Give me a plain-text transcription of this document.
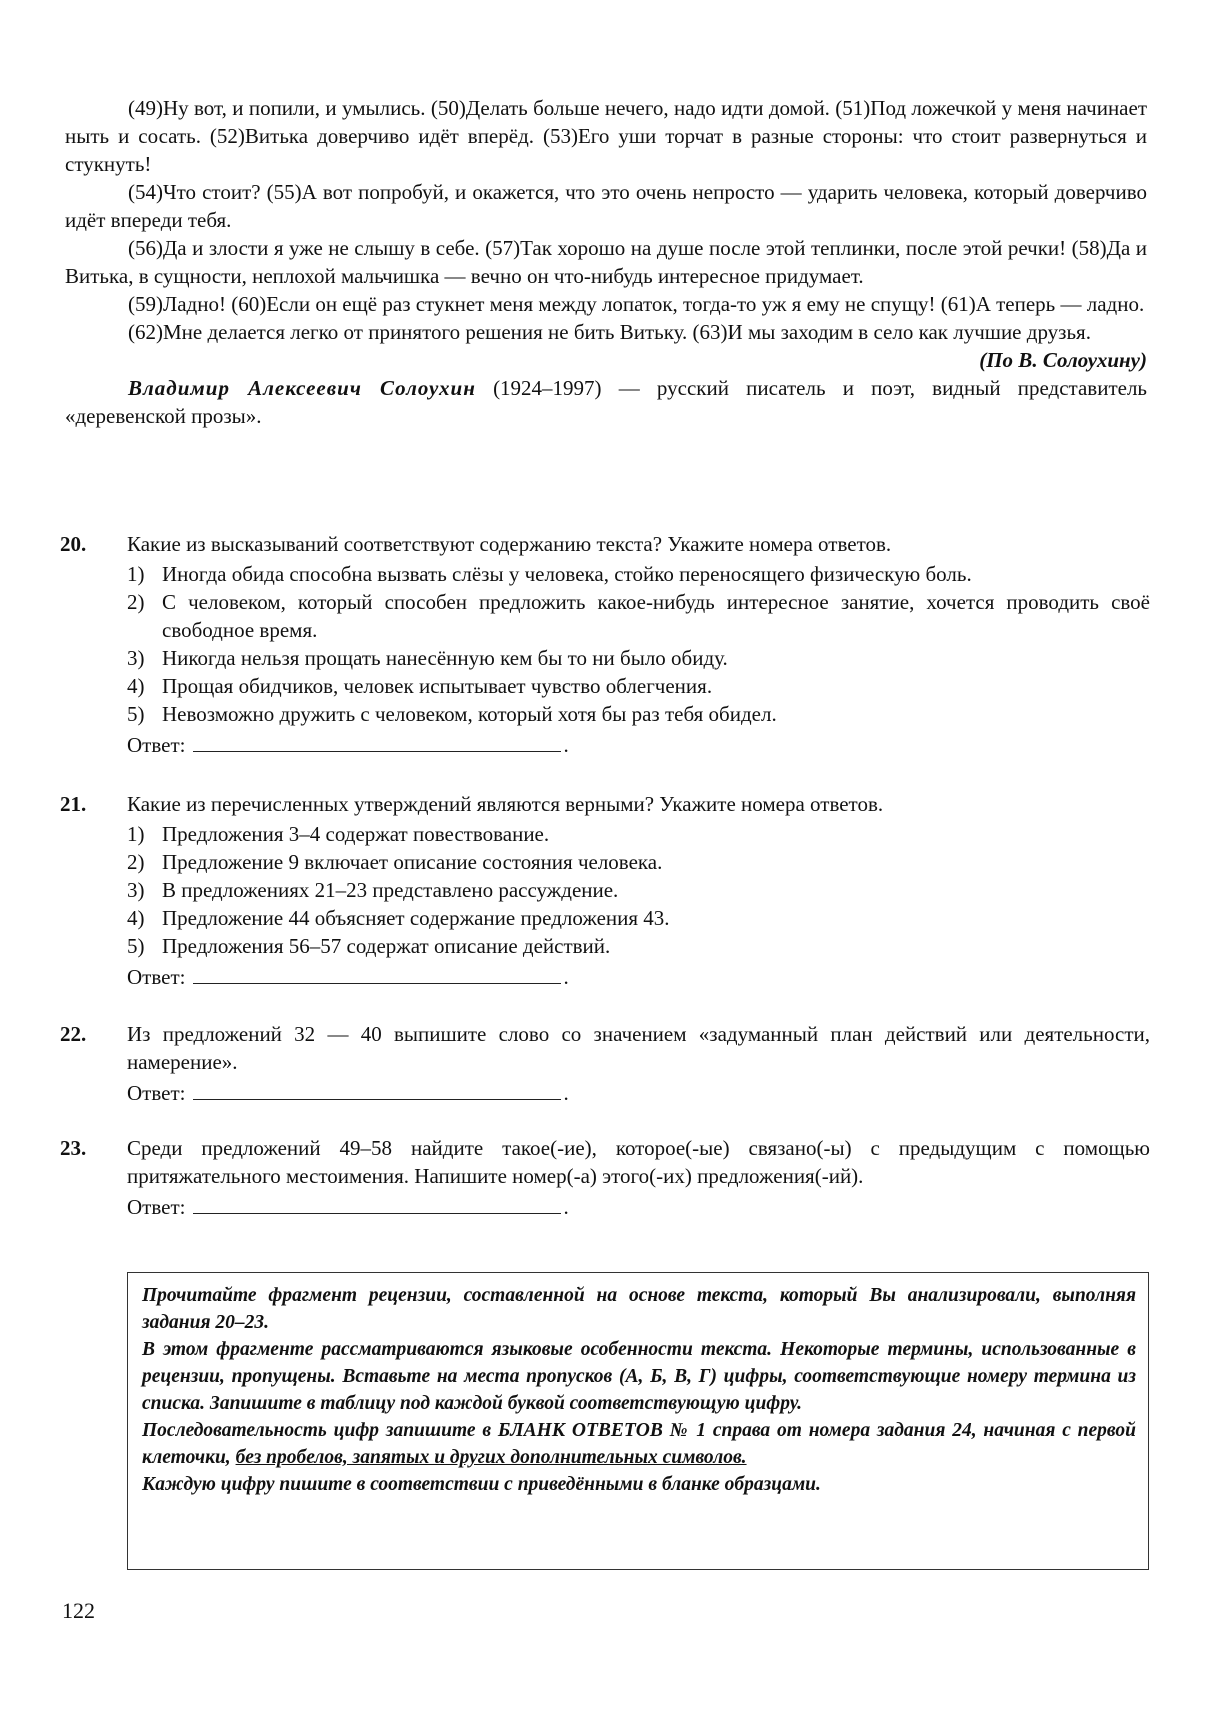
(49)Ну вот, и попили, и умылись. (50)Делать больше нечего, надо идти домой. (51)Под ложечкой у меня начинает ныть и сосать. (52)Витька доверчиво идёт вперёд. (53)Его уши торчат в разные стороны: что стоит развернуться и стукнуть!

(54)Что стоит? (55)А вот попробуй, и окажется, что это очень непросто — ударить человека, который доверчиво идёт впереди тебя.

(56)Да и злости я уже не слышу в себе. (57)Так хорошо на душе после этой теплинки, после этой речки! (58)Да и Витька, в сущности, неплохой мальчишка — вечно он что-нибудь интересное придумает.

(59)Ладно! (60)Если он ещё раз стукнет меня между лопаток, тогда-то уж я ему не спущу! (61)А теперь — ладно.

(62)Мне делается легко от принятого решения не бить Витьку. (63)И мы заходим в село как лучшие друзья.

(По В. Солоухину)

Владимир Алексеевич Солоухин (1924–1997) — русский писатель и поэт, видный представитель «деревенской прозы».

20. Какие из высказываний соответствуют содержанию текста? Укажите номера ответов.

1) Иногда обида способна вызвать слёзы у человека, стойко переносящего физическую боль.
2) С человеком, который способен предложить какое-нибудь интересное занятие, хочется проводить своё свободное время.
3) Никогда нельзя прощать нанесённую кем бы то ни было обиду.
4) Прощая обидчиков, человек испытывает чувство облегчения.
5) Невозможно дружить с человеком, который хотя бы раз тебя обидел.
Ответ:	.
21. Какие из перечисленных утверждений являются верными? Укажите номера ответов.

1) Предложения 3–4 содержат повествование.
2) Предложение 9 включает описание состояния человека.
3) В предложениях 21–23 представлено рассуждение.
4) Предложение 44 объясняет содержание предложения 43.
5) Предложения 56–57 содержат описание действий.
Ответ:	.
22. Из предложений 32 — 40 выпишите слово со значением «задуманный план действий или деятельности, намерение».

Ответ:	.
23. Среди предложений 49–58 найдите такое(-ие), которое(-ые) связано(-ы) с предыдущим с помощью притяжательного местоимения. Напишите номер(-а) этого(-их) предложения(-ий).

Ответ:	.

Прочитайте фрагмент рецензии, составленной на основе текста, который Вы анализировали, выполняя задания 20–23.

В этом фрагменте рассматриваются языковые особенности текста. Некоторые термины, использованные в рецензии, пропущены. Вставьте на места пропусков (А, Б, В, Г) цифры, соответствующие номеру термина из списка. Запишите в таблицу под каждой буквой соответствующую цифру.

Последовательность цифр запишите в БЛАНК ОТВЕТОВ № 1 справа от номера задания 24, начиная с первой клеточки, без пробелов, запятых и других дополнительных символов.

Каждую цифру пишите в соответствии с приведёнными в бланке образцами.

122
